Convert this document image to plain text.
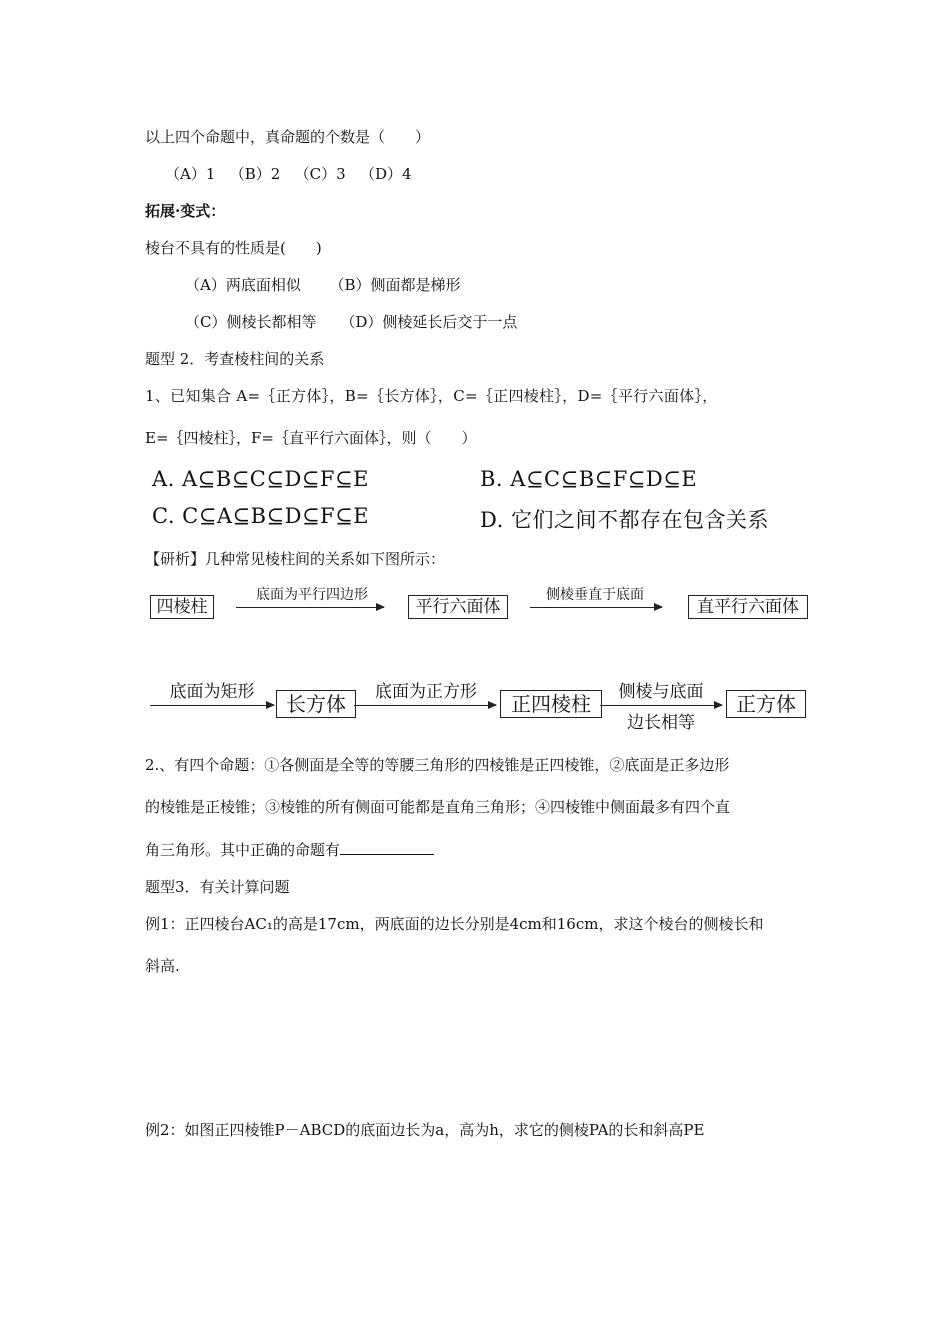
以上四个命题中，真命题的个数是（　　）
（A）1 （B）2 （C）3 （D）4
拓展·变式：
棱台不具有的性质是(　　)
（A）两底面相似 （B）侧面都是梯形
（C）侧棱长都相等 （D）侧棱延长后交于一点
题型 2．考查棱柱间的关系
1、已知集合 A=｛正方体｝，B=｛长方体｝，C=｛正四棱柱｝，D=｛平行六面体｝，
E=｛四棱柱｝，F=｛直平行六面体｝，则（　　）
A. A⊆B⊆C⊆D⊆F⊆E	B. A⊆C⊆B⊆F⊆D⊆E
C. C⊆A⊆B⊆D⊆F⊆E	D. 它们之间不都存在包含关系
【研析】几种常见棱柱间的关系如下图所示：
四棱柱
底面为平行四边形
平行六面体
侧棱垂直于底面
直平行六面体
底面为矩形	长方体	底面为正方形	正四棱柱	侧棱与底面
边长相等
正方体
2.、有四个命题：①各侧面是全等的等腰三角形的四棱锥是正四棱锥，②底面是正多边形
的棱锥是正棱锥；③棱锥的所有侧面可能都是直角三角形；④四棱锥中侧面最多有四个直
角三角形。其中正确的命题有
题型3．有关计算问题
例1：正四棱台AC₁的高是17cm，两底面的边长分别是4cm和16cm，求这个棱台的侧棱长和
斜高.
例2：如图正四棱锥P－ABCD的底面边长为a，高为h，求它的侧棱PA的长和斜高PE
